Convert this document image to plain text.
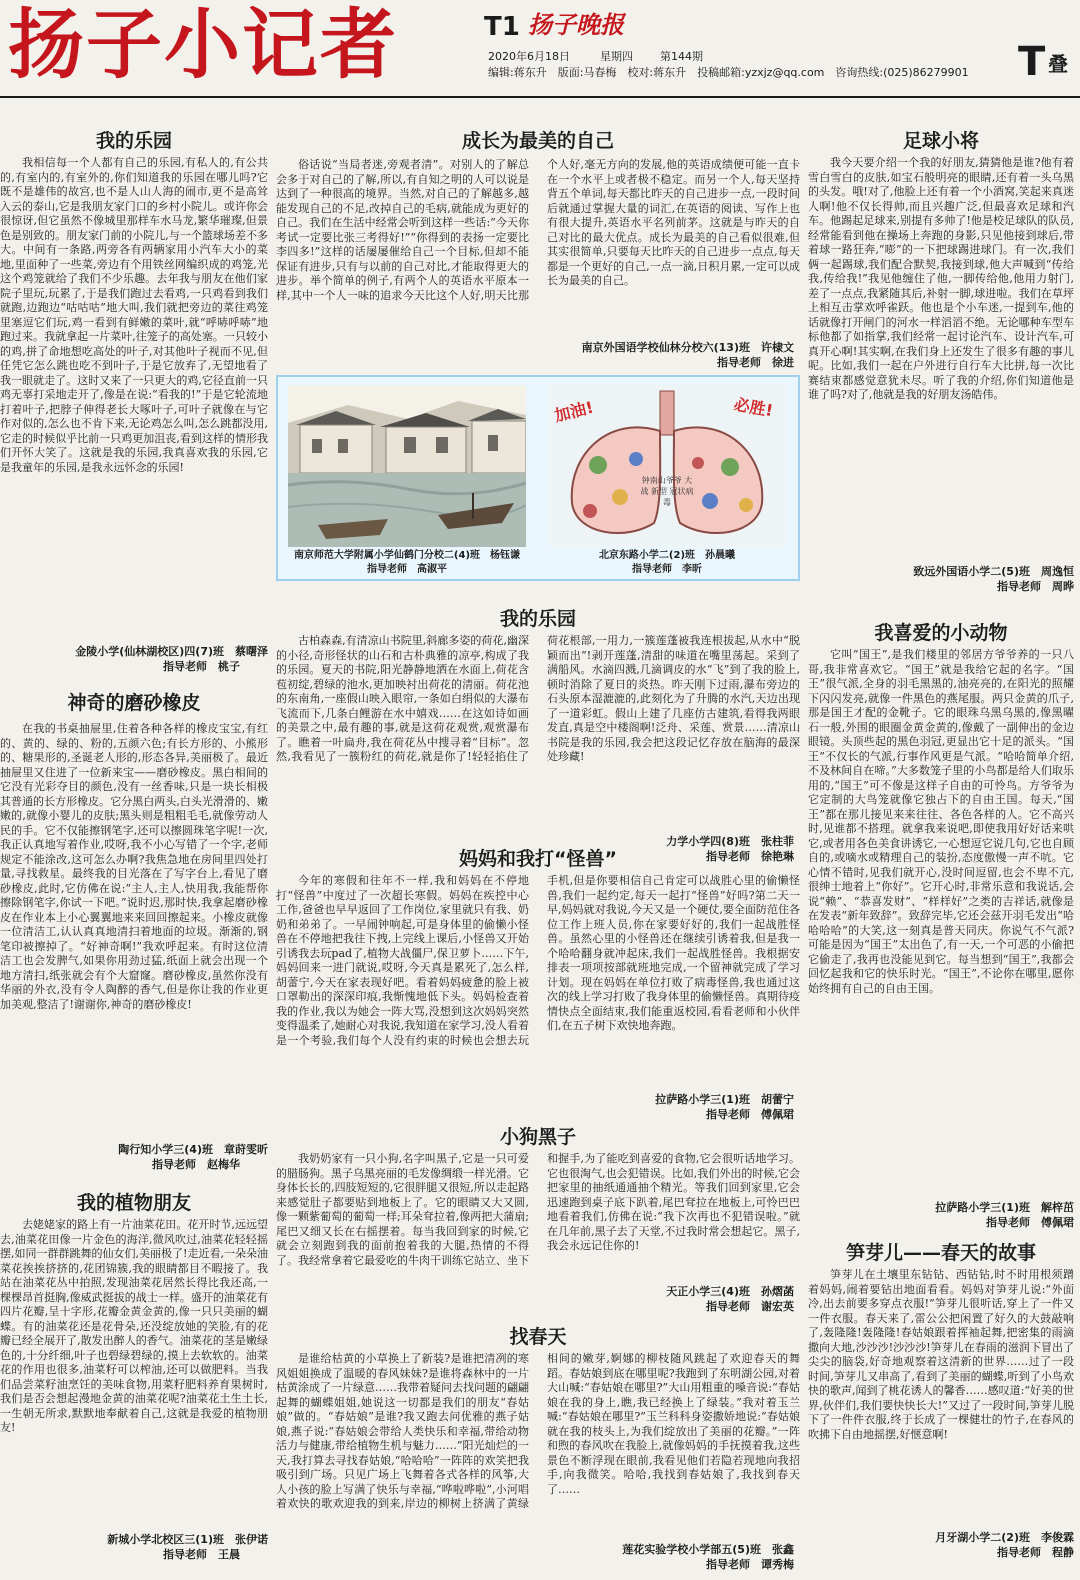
扬子小记者	T1 扬子晚报
2020年6月18日	星期四 第144期
编辑:蒋东升　版面:马春梅　校对:蒋东升　投稿邮箱:yzxjz@qq.com　咨询热线:(025)86279901 T 叠
我的乐园
我相信每一个人都有自己的乐园,有私人的,有公共的,有室内的,有室外的,你们知道我的乐园在哪儿吗?它既不是雄伟的故宫,也不是人山人海的闹市,更不是高耸入云的泰山,它是我朋友家门口的乡村小院儿。或许你会很惊讶,但它虽然不像城里那样车水马龙,繁华璀璨,但景色是别致的。朋友家门前的小院儿,与一个篮球场差不多大。中间有一条路,两旁各有两辆家用小汽车大小的菜地,里面种了一些菜,旁边有个用铁丝网编织成的鸡笼,光这个鸡笼就给了我们不少乐趣。去年我与朋友在他们家院子里玩,玩累了,于是我们跑过去看鸡,一只鸡看到我们就跑,边跑边“咕咕咕”地大叫,我们就把旁边的菜往鸡笼里塞逗它们玩,鸡一看到有鲜嫩的菜叶,就“呼哧呼哧”地跑过来。我就拿起一片菜叶,往笼子的高处塞。一只较小的鸡,拼了命地想吃高处的叶子,对其他叶子视而不见,但任凭它怎么跳也吃不到叶子,于是它放弃了,无望地看了我一眼就走了。这时又来了一只更大的鸡,它径直前一只鸡无辜打采地走开了,像是在说:“看我的!”于是它轮流地打着叶子,把脖子伸得老长大啄叶子,可叶子就像在与它作对似的,怎么也不肯下来,无论鸡怎么叫,怎么跳都没用,它走的时候似乎比前一只鸡更加沮丧,看到这样的情形我们开怀大笑了。这就是我的乐园,我真喜欢我的乐园,它是我童年的乐园,是我永远怀念的乐园!
金陵小学(仙林湖校区)四(7)班　蔡曙泽
指导老师　桃子
神奇的磨砂橡皮
在我的书桌抽屉里,住着各种各样的橡皮宝宝,有红的、黄的、绿的、粉的,五颜六色;有长方形的、小熊形的、糖果形的,圣诞老人形的,形态各异,美丽极了。最近抽屉里又住进了一位新来宝——磨砂橡皮。黑白相间的它没有光彩夺目的颜色,没有一丝香味,只是一块长相极其普通的长方形橡皮。它分黑白两头,白头光滑滑的、嫩嫩的,就像小婴儿的皮肤;黑头则是粗粗毛毛,就像劳动人民的手。它不仅能擦钢笔字,还可以擦圆珠笔字呢!一次,我正认真地写着作业,哎呀,我不小心写错了一个字,老师规定不能涂改,这可怎么办啊?我焦急地在房间里四处打量,寻找救星。最终我的目光落在了写字台上,看见了磨砂橡皮,此时,它仿佛在说:“主人,主人,快用我,我能帮你擦除钢笔字,你试一下吧。”说时迟,那时快,我拿起磨砂橡皮在作业本上小心翼翼地来来回回擦起来。小橡皮就像一位清洁工,认认真真地清扫着地面的垃圾。渐渐的,钢笔印被擦掉了。“好神奇啊!”我欢呼起来。有时这位清洁工也会发脾气,如果你用劲过猛,纸面上就会出现一个地方清扫,纸张就会有个大窟窿。磨砂橡皮,虽然你没有华丽的外衣,没有令人陶醉的香气,但是你让我的作业更加美观,整洁了!谢谢你,神奇的磨砂橡皮!
陶行知小学三(4)班　章莳雯昕
指导老师　赵梅华
我的植物朋友
去姥姥家的路上有一片油菜花田。花开时节,远远望去,油菜花田像一片金色的海洋,微风吹过,油菜花轻轻摇摆,如同一群群跳舞的仙女们,美丽极了!走近看,一朵朵油菜花挨挨挤挤的,花团锦簇,我的眼睛都目不暇接了。我站在油菜花丛中拍照,发现油菜花居然长得比我还高,一棵棵昂首挺胸,像威武挺拔的战士一样。盛开的油菜花有四片花瓣,呈十字形,花瓣金黄金黄的,像一只只美丽的蝴蝶。有的油菜花还是花骨朵,还没绽放她的笑脸,有的花瓣已经全展开了,散发出醉人的香气。油菜花的茎是嫩绿色的,十分纤细,叶子也碧绿碧绿的,摸上去软软的。油菜花的作用也很多,油菜籽可以榨油,还可以做肥料。当我们品尝菜籽油烹饪的美味食物,用菜籽肥料养育果树时,我们是否会想起漫地金黄的油菜花呢?油菜花土生土长,一生朝无所求,默默地奉献着自己,这就是我爱的植物朋友!
新城小学北校区三(1)班　张伊诺
指导老师　王晨
成长为最美的自己
俗话说“当局者迷,旁观者清”。对别人的了解总会多于对自己的了解,所以,有自知之明的人可以说是达到了一种很高的境界。当然,对自己的了解越多,越能发现自己的不足,改掉自己的毛病,就能成为更好的自己。我们在生活中经常会听到这样一些话:“今天你考试一定要比张三考得好!”“你得到的表扬一定要比李四多!”这样的话屡屡催给自己一个目标,但却不能保证有进步,只有与以前的自己对比,才能取得更大的进步。举个简单的例子,有两个人的英语水平原本一样,其中一个人一味的追求今天比这个人好,明天比那个人好,毫无方向的发展,他的英语成绩便可能一直卡在一个水平上或者极不稳定。而另一个人,每天坚持背五个单词,每天都比昨天的自己进步一点,一段时间后就通过掌握大量的词汇,在英语的阅读、写作上也有很大提升,英语水平名列前茅。这就是与昨天的自己对比的最大优点。成长为最美的自己看似很难,但其实很简单,只要每天比昨天的自己进步一点点,每天都是一个更好的自己,一点一滴,日积月累,一定可以成长为最美的自己。
南京外国语学校仙林分校六(13)班　许棣文
指导老师　徐进
南京师范大学附属小学仙鹤门分校二(4)班　杨钰谦
指导老师　高淑平
加油!	必胜!
钟南山爷爷 大战 新型 冠状病毒
北京东路小学二(2)班　孙晨曦
指导老师　李昕
我的乐园
古柏森森,有清凉山书院里,斜廊多姿的荷花,幽深的小径,奇形怪状的山石和古朴典雅的凉亭,构成了我的乐园。夏天的书院,阳光静静地洒在水面上,荷花含苞初绽,碧绿的池水,更加映衬出荷花的清丽。荷花池的东南角,一座假山映入眼帘,一条如白绢似的大瀑布飞流而下,几条白鲤游在水中嬉戏……在这如诗如画的美景之中,最有趣的事,就是这荷花观赏,观赏瀑布了。瞧着一叶扁舟,我在荷花丛中搜寻着“目标”。忽然,我看见了一簇粉红的荷花,就是你了!轻轻掐住了荷花根部,一用力,一簇莲蓬被我连根拔起,从水中“脱颖而出”!剥开莲蓬,清甜的味道在嘴里荡起。采到了满船风。水滴四溅,几滴调皮的水“飞”到了我的脸上,顿时消除了夏日的炎热。昨天刚下过雨,瀑布旁边的石头原本湿漉漉的,此刻化为了升腾的水汽,天边出现了一道彩虹。假山上建了几座仿古建筑,看得我两眼发直,真是空中楼阁啊!泛舟、采莲、赏景……清凉山书院是我的乐园,我会把这段记忆存放在脑海的最深处珍藏!
力学小学四(8)班　张柱菲
指导老师　徐艳琳
妈妈和我打“怪兽”
今年的寒假和往年不一样,我和妈妈在不停地打“怪兽”中度过了一次超长寒假。妈妈在疾控中心工作,爸爸也早早返回了工作岗位,家里就只有我、奶奶和弟弟了。一早闹钟响起,可是身体里的偷懒小怪兽在不停地把我往下拽,上完线上课后,小怪兽又开始引诱我去玩pad了,植物大战僵尸,保卫萝卜……下午,妈妈回来一进门就说,哎呀,今天真是累死了,怎么样,胡蕾宁,今天在家表现好吧。看着妈妈疲惫的脸上被口罩勒出的深深印痕,我惭愧地低下头。妈妈检查着我的作业,我以为她会一阵大骂,没想到这次妈妈突然变得温柔了,她耐心对我说,我知道在家学习,没人看着是一个考验,我们每个人没有约束的时候也会想去玩手机,但是你要相信自己肯定可以战胜心里的偷懒怪兽,我们一起约定,每天一起打“怪兽”好吗?第二天一早,妈妈就对我说,今天又是一个硬仗,要全面防范住各位工作上班人员,你在家要好好的,我们一起战胜怪兽。虽然心里的小怪兽还在继续引诱着我,但是我一个哈哈翻身就冲起床,我们一起战胜怪兽。我根据安排表一项项按部就班地完成,一个留神就完成了学习计划。现在妈妈在单位打败了病毒怪兽,我也通过这次的线上学习打败了我身体里的偷懒怪兽。真期待疫情快点全面结束,我们能重返校园,看看老师和小伙伴们,在五子树下欢快地奔跑。
拉萨路小学三(1)班　胡蕾宁
指导老师　傅佩珺
小狗黑子
我奶奶家有一只小狗,名字叫黑子,它是一只可爱的腊肠狗。黑子乌黑亮丽的毛发像绸缎一样光滑。它身体长长的,四肢短短的,它很胖腿又很短,所以走起路来感觉肚子都要贴到地板上了。它的眼睛又大又圆,像一颗紫葡萄的葡萄一样;耳朵耷拉着,像两把大蒲扇;尾巴又细又长在右摇摆着。每当我回到家的时候,它就会立刻跑到我的面前抱着我的大腿,热情的不得了。我经常拿着它最爱吃的牛肉干训练它站立、坐下和握手,为了能吃到喜爱的食物,它会很听话地学习。它也很淘气,也会犯错误。比如,我们外出的时候,它会把家里的抽纸通通抽个精光。等我们回到家里,它会迅速跑到桌子底下趴着,尾巴耷拉在地板上,可怜巴巴地看着我们,仿佛在说:“我下次再也不犯错误啦。”就在几年前,黑子去了天堂,不过我时常会想起它。黑子,我会永远记住你的!
天正小学三(4)班　孙熠菡
指导老师　谢宏英
找春天
是谁给枯黄的小草换上了新装?是谁把清冽的寒风姐姐换成了温暖的春风妹妹?是谁将森林中的一片枯黄涂成了一片绿意……我带着疑问去找问题的翩翩起舞的蝴蝶姐姐,她说这一切都是我们的朋友“春姑娘”做的。“春姑娘”是谁?我又跑去问优雅的燕子姑娘,燕子说:“春姑娘会带给人类快乐和幸福,带给动物活力与健康,带给植物生机与魅力……”阳光灿烂的一天,我打算去寻找春姑娘,“哈哈哈”一阵阵的欢笑把我吸引到广场。只见广场上飞舞着各式各样的风筝,大人小孩的脸上写满了快乐与幸福,“哗啦哗啦”,小河唱着欢快的歌欢迎我的到来,岸边的柳树上挤满了黄绿相间的嫩芽,婀娜的柳枝随风跳起了欢迎春天的舞蹈。春姑娘到底在哪里呢?我跑到了东明湖公园,对着大山喊:“春姑娘在哪里?”大山用粗重的嗓音说:“春姑娘在我的身上,瞧,我已经换上了绿装。”我对着玉兰喊:“春姑娘在哪里?”玉兰科科身姿撒娇地说:“春姑娘就在我的枝头上,为我们绽放出了美丽的花瓣。”一阵和煦的春风吹在我脸上,就像妈妈的手抚摸着我,这些景色不断浮现在眼前,我看见他们若隐若现地向我招手,向我微笑。哈哈,我找到春姑娘了,我找到春天了……
莲花实验学校小学部五(5)班　张鑫
指导老师　谭秀梅
足球小将
我今天要介绍一个我的好朋友,猜猜他是谁?他有着雪白雪白的皮肤,如宝石般明亮的眼睛,还有着一头乌黑的头发。哦!对了,他脸上还有着一个小酒窝,笑起来真迷人啊!他不仅长得帅,而且兴趣广泛,但最喜欢足球和汽车。他踢起足球来,别提有多帅了!他是校足球队的队员,经常能看到他在操场上奔跑的身影,只见他接到球后,带着球一路狂奔,“嘭”的一下把球踢进球门。有一次,我们俩一起踢球,我们配合默契,我接到球,他大声喊到“传给我,传给我!”我见他缠住了他,一脚传给他,他用力射门,差了一点点,我紧随其后,补射一脚,球进啦。我们在草坪上相互击掌欢呼雀跃。他也是个小车迷,一提到车,他的话就像打开闸门的河水一样滔滔不绝。无论哪种车型车标他都了如指掌,我们经常一起讨论汽车、设计汽车,可真开心啊!其实啊,在我们身上还发生了很多有趣的事儿呢。比如,我们一起在户外进行自行车大比拼,每一次比赛结束都感觉意犹未尽。听了我的介绍,你们知道他是谁了吗?对了,他就是我的好朋友汤皓伟。
致远外国语小学二(5)班　周逸恒
指导老师　周晔
我喜爱的小动物
它叫“国王”,是我们楼里的邻居方爷爷养的一只八哥,我非常喜欢它。“国王”就是我给它起的名字。“国王”很气派,全身的羽毛黑黑的,油亮亮的,在阳光的照耀下闪闪发亮,就像一件黑色的燕尾服。两只金黄的爪子,那是国王才配的金靴子。它的眼珠乌黑乌黑的,像黑曜石一般,外围的眼圈金黄金黄的,像戴了一副伸出的金边眼镜。头顶些起的黑色羽冠,更显出它十足的派头。“国王”不仅长的气派,行事作风更是气派。“哈哈简单介绍,不及林间自在啼。”大多数笼子里的小鸟都是给人们取乐用的,“国王”可不像是这样子自由的可怜鸟。方爷爷为它定制的大鸟笼就像它独占下的自由王国。每天,“国王”都在那儿接见来来往往、各色各样的人。它不高兴时,见谁都不搭理。就拿我来说吧,即使我用好好话来哄它,或者用各色美食讲诱它,一心想逗它说几句,它也自顾自的,或嘀水或精理自己的装扮,态度傲慢一声不吭。它心情不错时,见我们就开心,没时间逗留,也会不卑不亢,很绅士地着上“你好”。它开心时,非常乐意和我说话,会说“赖”、“恭喜发财”、“样样好”之类的吉祥话,就像是在发表“新年致辞”。致辞完毕,它还会兹开羽毛发出“哈哈哈哈”的大笑,这一刻真是普天同庆。你说气不气派?可能是因为“国王”太出色了,有一天,一个可恶的小偷把它偷走了,我再也没能见到它。每当想到“国王”,我都会回忆起我和它的快乐时光。“国王”,不论你在哪里,愿你始终拥有自己的自由王国。
拉萨路小学三(1)班　解梓茁
指导老师　傅佩珺
笋芽儿——春天的故事
笋芽儿在土壤里东钻钻、西钻钻,时不时用根须蹭着妈妈,闹着要钻出地面看看。妈妈对笋芽儿说:“外面冷,出去前要多穿点衣服!”笋芽儿很听话,穿上了一件又一件衣服。春天来了,雷公公把闲置了好久的大鼓敲响了,轰隆隆!轰隆隆!春姑娘跟着挥袖起舞,把密集的雨滴撒向大地,沙沙沙!沙沙沙!笋芽儿在春雨的滋润下冒出了尖尖的脑袋,好奇地观察着这清新的世界……过了一段时间,笋芽儿又串高了,看到了美丽的蝴蝶,听到了小鸟欢快的歌声,闻到了桃花诱人的馨香……感叹道:“好美的世界,伙伴们,我们要快快长大!”又过了一段时间,笋芽儿脱下了一件件衣服,终于长成了一棵健壮的竹子,在春风的吹拂下自由地摇摆,好惬意啊!
月牙湖小学二(2)班　李俊霖
指导老师　程静
